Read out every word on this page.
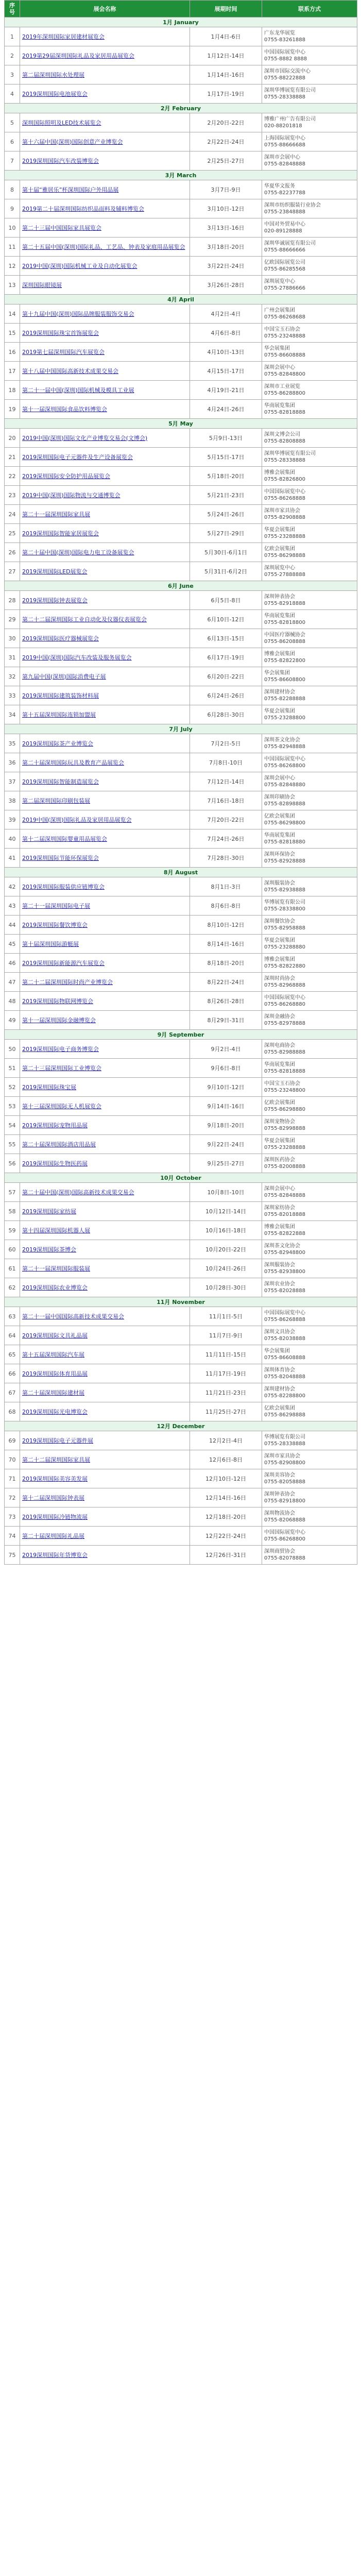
序号	展会名称	展期时间	联系方式
1月 January			
1	2019年深圳国际家居建材展览会	1月4日-6日	广东龙华展览
0755-83261888
2	2019第29届深圳国际礼品及家居用品展览会	1月12日-14日	中国国际展览中心
0755-8882 8888
3	第二届深圳国际水处理展	1月14日-16日	深圳市国际交流中心
0755-88222888
4	2019深圳国际电池展览会	1月17日-19日	深圳华博展览有限公司
0755-28338888
2月 February			
5	深圳国际照明及LED技术展览会	2月20日-22日	博雅广州广告有限公司
020-88201818
6	第十六届中国(深圳)国际创意产业博览会	2月22日-24日	上海国际展览中心
0755-88666688
7	2019深圳国际汽车改装博览会	2月25日-27日	深圳市会展中心
0755-82848888
3月 March			
8	第十届“雅居乐”杯深圳国际户外用品展	3月7日-9日	华夏华文报务
0755-82237788
9	2019第二十届深圳国际纺织品面料及辅料博览会	3月10日-12日	深圳市纺织服装行业协会
0755-23848888
10	第二十三届中国国际家具展览会	3月13日-16日	中国对外贸易中心
020-89128888
11	第二十五届中国(深圳)国际礼品、工艺品、钟表及家庭用品展览会	3月18日-20日	深圳华诚展览有限公司
0755-88666666
12	2019中国(深圳)国际机械工业及自动化展览会	3月22日-24日	亿欧国际展览公司
0755-86285568
13	深圳国际眼镜展	3月26日-28日	深圳展览中心
0755-27886666
4月 April			
14	第十九届中国(深圳)国际品牌服装服饰交易会	4月2日-4日	广州会展集团
0755-86268688
15	2019深圳国际珠宝首饰展览会	4月6日-8日	中国宝玉石协会
0755-23248888
16	2019第七届深圳国际汽车展览会	4月10日-13日	华会展集团
0755-86608888
17	第十八届中国国际高新技术成果交易会	4月15日-17日	深圳会展中心
0755-82848800
18	第二十一届中国(深圳)国际机械及模具工业展	4月19日-21日	深圳市工业展览
0755-86288800
19	第十一届深圳国际食品饮料博览会	4月24日-26日	华南展览集团
0755-82818888
5月 May			
20	2019中国(深圳)国际文化产业博览交易会(文博会)	5月9日-13日	深圳文博会公司
0755-82808888
21	2019深圳国际电子元器件及生产设备展览会	5月15日-17日	深圳华博展览有限公司
0755-28338888
22	2019深圳国际安全防护用品展览会	5月18日-20日	博雅会展集团
0755-82826800
23	2019中国(深圳)国际物流与交通博览会	5月21日-23日	中国国际展览中心
0755-86268888
24	第二十一届深圳国际家具展	5月24日-26日	深圳市家具协会
0755-82908888
25	2019深圳国际智能家居展览会	5月27日-29日	华夏会展集团
0755-23288888
26	第二十届中国(深圳)国际电力电工设备展览会	5月30日-6月1日	亿欧会展集团
0755-86298888
27	2019深圳国际LED展览会	5月31日-6月2日	深圳展览中心
0755-27888888
6月 June			
28	2019深圳国际钟表展览会	6月5日-8日	深圳钟表协会
0755-82918888
29	第二十二届深圳国际工业自动化及仪器仪表展览会	6月10日-12日	华南展览集团
0755-82818800
30	2019深圳国际医疗器械展览会	6月13日-15日	中国医疗器械协会
0755-86208888
31	2019中国(深圳)国际汽车改装及服务展览会	6月17日-19日	博雅会展集团
0755-82822800
32	第九届中国(深圳)国际消费电子展	6月20日-22日	华会展集团
0755-86608800
33	2019深圳国际建筑装饰材料展	6月24日-26日	深圳建材协会
0755-82288888
34	第十五届深圳国际连锁加盟展	6月28日-30日	华夏会展集团
0755-23288800
7月 July			
35	2019深圳国际茶产业博览会	7月2日-5日	深圳茶文化协会
0755-82948888
36	第二十届深圳国际玩具及教育产品展览会	7月8日-10日	中国国际展览中心
0755-86268800
37	2019深圳国际智能制造展览会	7月12日-14日	深圳会展中心
0755-82848880
38	第二届深圳国际印刷包装展	7月16日-18日	深圳印刷协会
0755-82898888
39	2019中国(深圳)国际礼品及家居用品展览会	7月20日-22日	亿欧会展集团
0755-86298800
40	第十二届深圳国际婴童用品展览会	7月24日-26日	华南展览集团
0755-82818880
41	2019深圳国际节能环保展览会	7月28日-30日	深圳环保协会
0755-82928888
8月 August			
42	2019深圳国际服装供应链博览会	8月1日-3日	深圳服装协会
0755-82938888
43	第二十一届深圳国际电子展	8月6日-8日	华博展览有限公司
0755-28338800
44	2019深圳国际餐饮博览会	8月10日-12日	深圳餐饮协会
0755-82958888
45	第十届深圳国际游艇展	8月14日-16日	华夏会展集团
0755-23288880
46	2019深圳国际新能源汽车展览会	8月18日-20日	博雅会展集团
0755-82822880
47	第二十二届深圳国际时尚产业博览会	8月22日-24日	深圳时尚协会
0755-82968888
48	2019深圳国际物联网博览会	8月26日-28日	中国国际展览中心
0755-86268880
49	第十一届深圳国际金融博览会	8月29日-31日	深圳金融协会
0755-82978888
9月 September			
50	2019深圳国际电子商务博览会	9月2日-4日	深圳电商协会
0755-82988888
51	第二十三届深圳国际工业博览会	9月6日-8日	华南展览集团
0755-82818888
52	2019深圳国际珠宝展	9月10日-12日	中国宝玉石协会
0755-23248800
53	第十三届深圳国际无人机展览会	9月14日-16日	亿欧会展集团
0755-86298880
54	2019深圳国际宠物用品展	9月18日-20日	深圳宠物协会
0755-82998888
55	第二十届深圳国际酒店用品展	9月22日-24日	华夏会展集团
0755-23288888
56	2019深圳国际生物医药展	9月25日-27日	深圳医药协会
0755-82008888
10月 October			
57	第二十届中国(深圳)国际高新技术成果交易会	10月8日-10日	深圳会展中心
0755-82848888
58	2019深圳国际家纺展	10月12日-14日	深圳家纺协会
0755-82018888
59	第十四届深圳国际机器人展	10月16日-18日	博雅会展集团
0755-82822888
60	2019深圳国际茶博会	10月20日-22日	深圳茶文化协会
0755-82948800
61	第二十一届深圳国际服装展	10月24日-26日	深圳服装协会
0755-82938800
62	2019深圳国际农业博览会	10月28日-30日	深圳农业协会
0755-82028888
11月 November			
63	第二十一届中国国际高新技术成果交易会	11月1日-5日	中国国际展览中心
0755-86268888
64	2019深圳国际文具礼品展	11月7日-9日	深圳文具协会
0755-82038888
65	第十五届深圳国际汽车展	11月11日-15日	华会展集团
0755-86608888
66	2019深圳国际体育用品展	11月17日-19日	深圳体育协会
0755-82048888
67	第二十届深圳国际建材展	11月21日-23日	深圳建材协会
0755-82288800
68	2019深圳国际光电博览会	11月25日-27日	亿欧会展集团
0755-86298888
12月 December			
69	2019深圳国际电子元器件展	12月2日-4日	华博展览有限公司
0755-28338888
70	第二十二届深圳国际家具展	12月6日-8日	深圳市家具协会
0755-82908800
71	2019深圳国际美容美发展	12月10日-12日	深圳美容协会
0755-82058888
72	第十二届深圳国际钟表展	12月14日-16日	深圳钟表协会
0755-82918800
73	2019深圳国际冷链物流展	12月18日-20日	深圳物流协会
0755-82068888
74	第二十届深圳国际礼品展	12月22日-24日	中国国际展览中心
0755-86268800
75	2019深圳国际年货博览会	12月26日-31日	深圳商贸协会
0755-82078888
